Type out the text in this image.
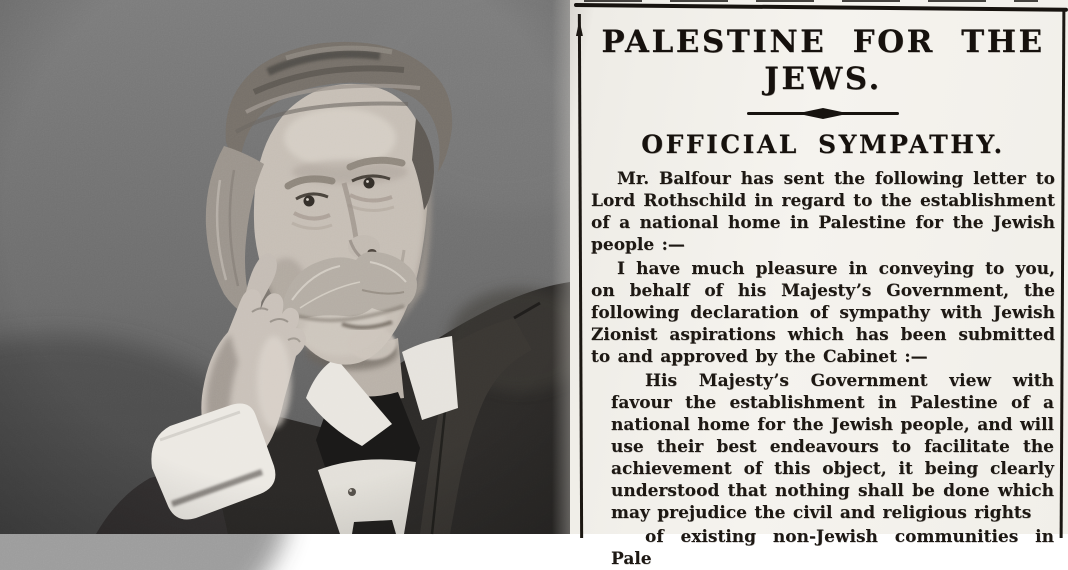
PALESTINE FOR THE
JEWS.
OFFICIAL SYMPATHY.

Mr. Balfour has sent the following letter to Lord Rothschild in regard to the establishment of a national home in Palestine for the Jewish people :—

I have much pleasure in conveying to you, on behalf of his Majesty’s Government, the following declaration of sympathy with Jewish Zionist aspirations which has been submitted to and approved by the Cabinet :—

His Majesty’s Government view with favour the establishment in Palestine of a national home for the Jewish people, and will use their best endeavours to facilitate the achievement of this object, it being clearly understood that nothing shall be done which may prejudice the civil and religious rights

of existing non-Jewish communities in Pale
